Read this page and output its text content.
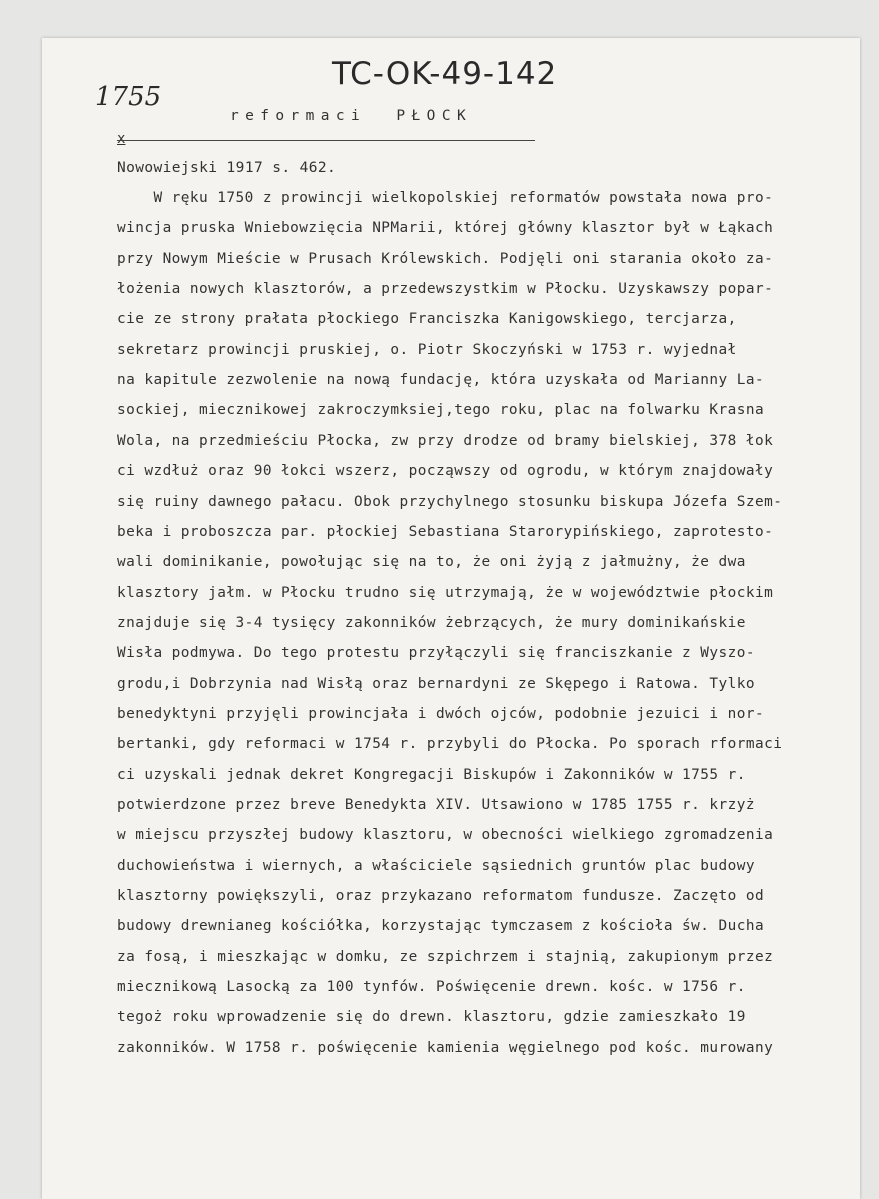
TC-OK-49-142
1755
reformaci  PŁOCK
x
Nowowiejski 1917 s. 462.
W ręku 1750 z prowincji wielkopolskiej reformatów powstała nowa pro-
wincja pruska Wniebowzięcia NPMarii, której główny klasztor był w Łąkach
przy Nowym Mieście w Prusach Królewskich. Podjęli oni starania około za-
łożenia nowych klasztorów, a przedewszystkim w Płocku. Uzyskawszy popar-
cie ze strony prałata płockiego Franciszka Kanigowskiego, tercjarza,
sekretarz prowincji pruskiej, o. Piotr Skoczyński w 1753 r. wyjednał
na kapitule zezwolenie na nową fundację, która uzyskała od Marianny La-
sockiej, miecznikowej zakroczymksiej,tego roku, plac na folwarku Krasna
Wola, na przedmieściu Płocka, zw przy drodze od bramy bielskiej, 378 łok
ci wzdłuż oraz 90 łokci wszerz, począwszy od ogrodu, w którym znajdowały
się ruiny dawnego pałacu. Obok przychylnego stosunku biskupa Józefa Szem-
beka i proboszcza par. płockiej Sebastiana Starorypińskiego, zaprotesto-
wali dominikanie, powołując się na to, że oni żyją z jałmużny, że dwa
klasztory jałm. w Płocku trudno się utrzymają, że w województwie płockim
znajduje się 3-4 tysięcy zakonników żebrzących, że mury dominikańskie
Wisła podmywa. Do tego protestu przyłączyli się franciszkanie z Wyszo-
grodu,i Dobrzynia nad Wisłą oraz bernardyni ze Skępego i Ratowa. Tylko
benedyktyni przyjęli prowincjała i dwóch ojców, podobnie jezuici i nor-
bertanki, gdy reformaci w 1754 r. przybyli do Płocka. Po sporach rformaci
ci uzyskali jednak dekret Kongregacji Biskupów i Zakonników w 1755 r.
potwierdzone przez breve Benedykta XIV. Utsawiono w 1785 1755 r. krzyż
w miejscu przyszłej budowy klasztoru, w obecności wielkiego zgromadzenia
duchowieństwa i wiernych, a właściciele sąsiednich gruntów plac budowy
klasztorny powiększyli, oraz przykazano reformatom fundusze. Zaczęto od
budowy drewnianeg kościółka, korzystając tymczasem z kościoła św. Ducha
za fosą, i mieszkając w domku, ze szpichrzem i stajnią, zakupionym przez
miecznikową Lasocką za 100 tynfów. Poświęcenie drewn. kośc. w 1756 r.
tegoż roku wprowadzenie się do drewn. klasztoru, gdzie zamieszkało 19
zakonników. W 1758 r. poświęcenie kamienia węgielnego pod kośc. murowany
